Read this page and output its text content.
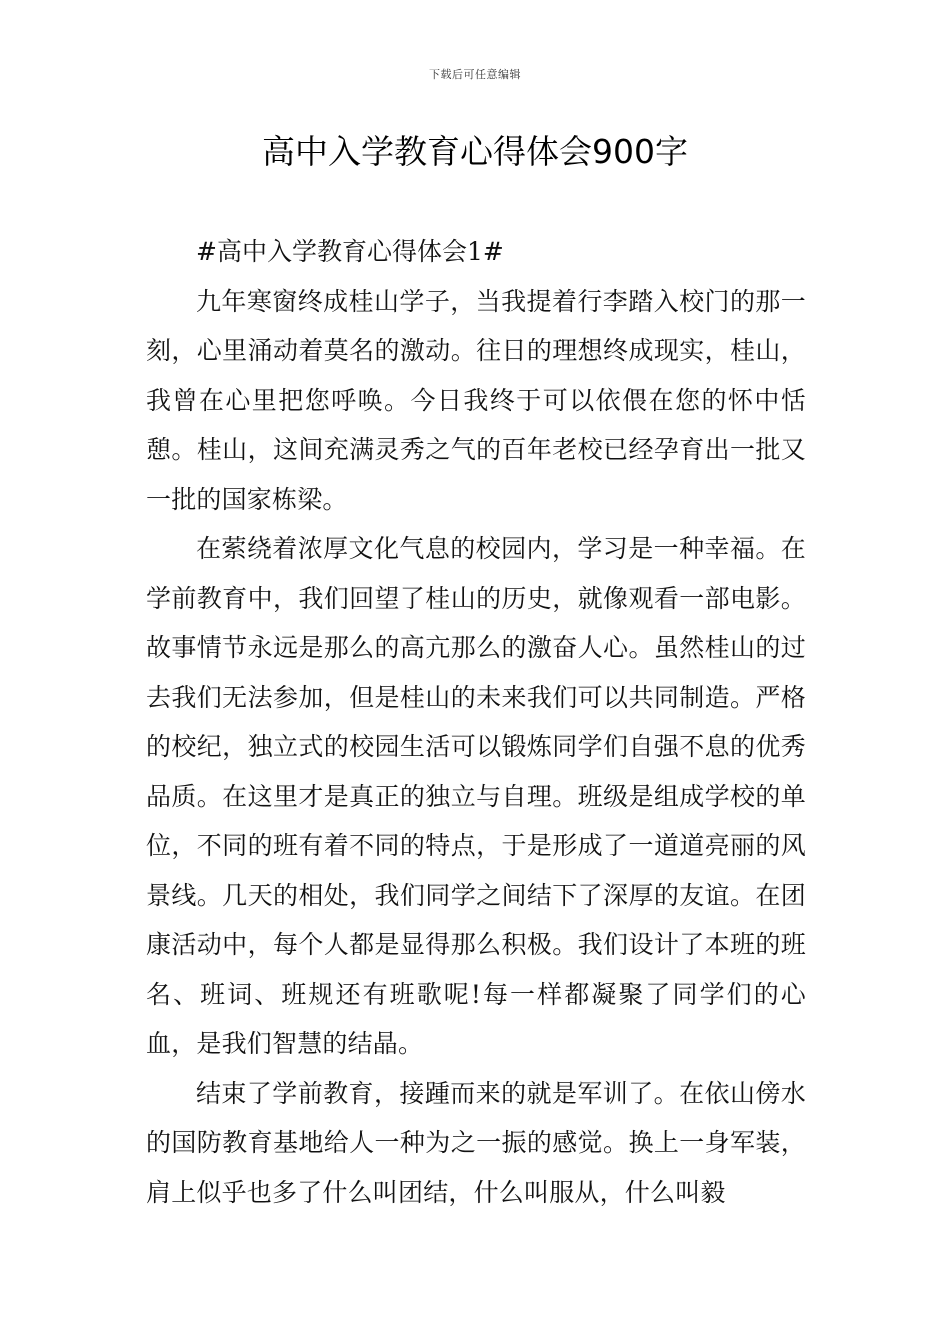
下载后可任意编辑
高中入学教育心得体会900字
#高中入学教育心得体会1#

九年寒窗终成桂山学子，当我提着行李踏入校门的那一刻，心里涌动着莫名的激动。往日的理想终成现实，桂山，我曾在心里把您呼唤。今日我终于可以依偎在您的怀中恬憩。桂山，这间充满灵秀之气的百年老校已经孕育出一批又一批的国家栋梁。

在萦绕着浓厚文化气息的校园内，学习是一种幸福。在学前教育中，我们回望了桂山的历史，就像观看一部电影。故事情节永远是那么的高亢那么的激奋人心。虽然桂山的过去我们无法参加，但是桂山的未来我们可以共同制造。严格的校纪，独立式的校园生活可以锻炼同学们自强不息的优秀品质。在这里才是真正的独立与自理。班级是组成学校的单位，不同的班有着不同的特点，于是形成了一道道亮丽的风景线。几天的相处，我们同学之间结下了深厚的友谊。在团康活动中，每个人都是显得那么积极。我们设计了本班的班名、班词、班规还有班歌呢!每一样都凝聚了同学们的心血，是我们智慧的结晶。

结束了学前教育，接踵而来的就是军训了。在依山傍水的国防教育基地给人一种为之一振的感觉。换上一身军装，肩上似乎也多了什么叫团结，什么叫服从，什么叫毅
